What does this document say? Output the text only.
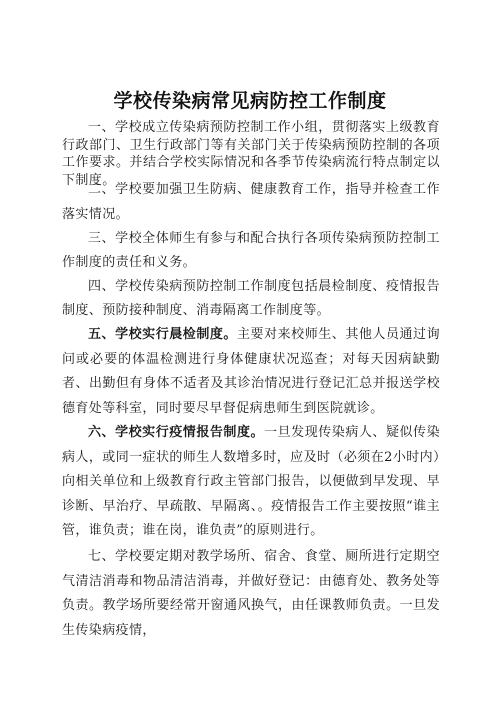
学校传染病常见病防控工作制度

一、学校成立传染病预防控制工作小组，贯彻落实上级教育行政部门、卫生行政部门等有关部门关于传染病预防控制的各项工作要求。并结合学校实际情况和各季节传染病流行特点制定以下制度。

二、学校要加强卫生防病、健康教育工作，指导并检查工作落实情况。

三、学校全体师生有参与和配合执行各项传染病预防控制工作制度的责任和义务。

四、学校传染病预防控制工作制度包括晨检制度、疫情报告制度、预防接种制度、消毒隔离工作制度等。

五、学校实行晨检制度。主要对来校师生、其他人员通过询问或必要的体温检测进行身体健康状况巡查；对每天因病缺勤者、出勤但有身体不适者及其诊治情况进行登记汇总并报送学校德育处等科室，同时要尽早督促病患师生到医院就诊。

六、学校实行疫情报告制度。一旦发现传染病人、疑似传染病人，或同一症状的师生人数增多时，应及时（必须在2小时内）向相关单位和上级教育行政主管部门报告，以便做到早发现、早诊断、早治疗、早疏散、早隔离、。疫情报告工作主要按照“谁主管，谁负责；谁在岗，谁负责”的原则进行。

七、学校要定期对教学场所、宿舍、食堂、厕所进行定期空气清洁消毒和物品清洁消毒，并做好登记：由德育处、教务处等负责。教学场所要经常开窗通风换气，由任课教师负责。一旦发生传染病疫情，
